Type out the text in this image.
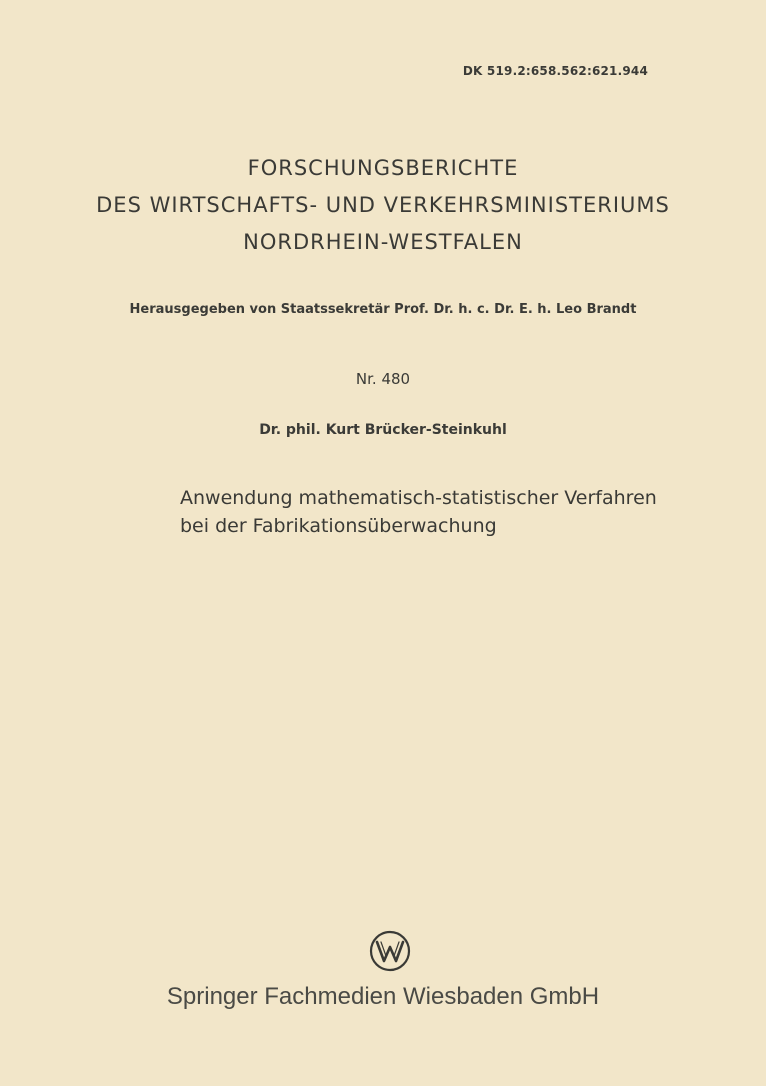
DK 519.2:658.562:621.944
FORSCHUNGSBERICHTE
DES WIRTSCHAFTS- UND VERKEHRSMINISTERIUMS
NORDRHEIN-WESTFALEN
Herausgegeben von Staatssekretär Prof. Dr. h. c. Dr. E. h. Leo Brandt
Nr. 480
Dr. phil. Kurt Brücker-Steinkuhl
Anwendung mathematisch-statistischer Verfahren
bei der Fabrikationsüberwachung
Springer Fachmedien Wiesbaden GmbH
